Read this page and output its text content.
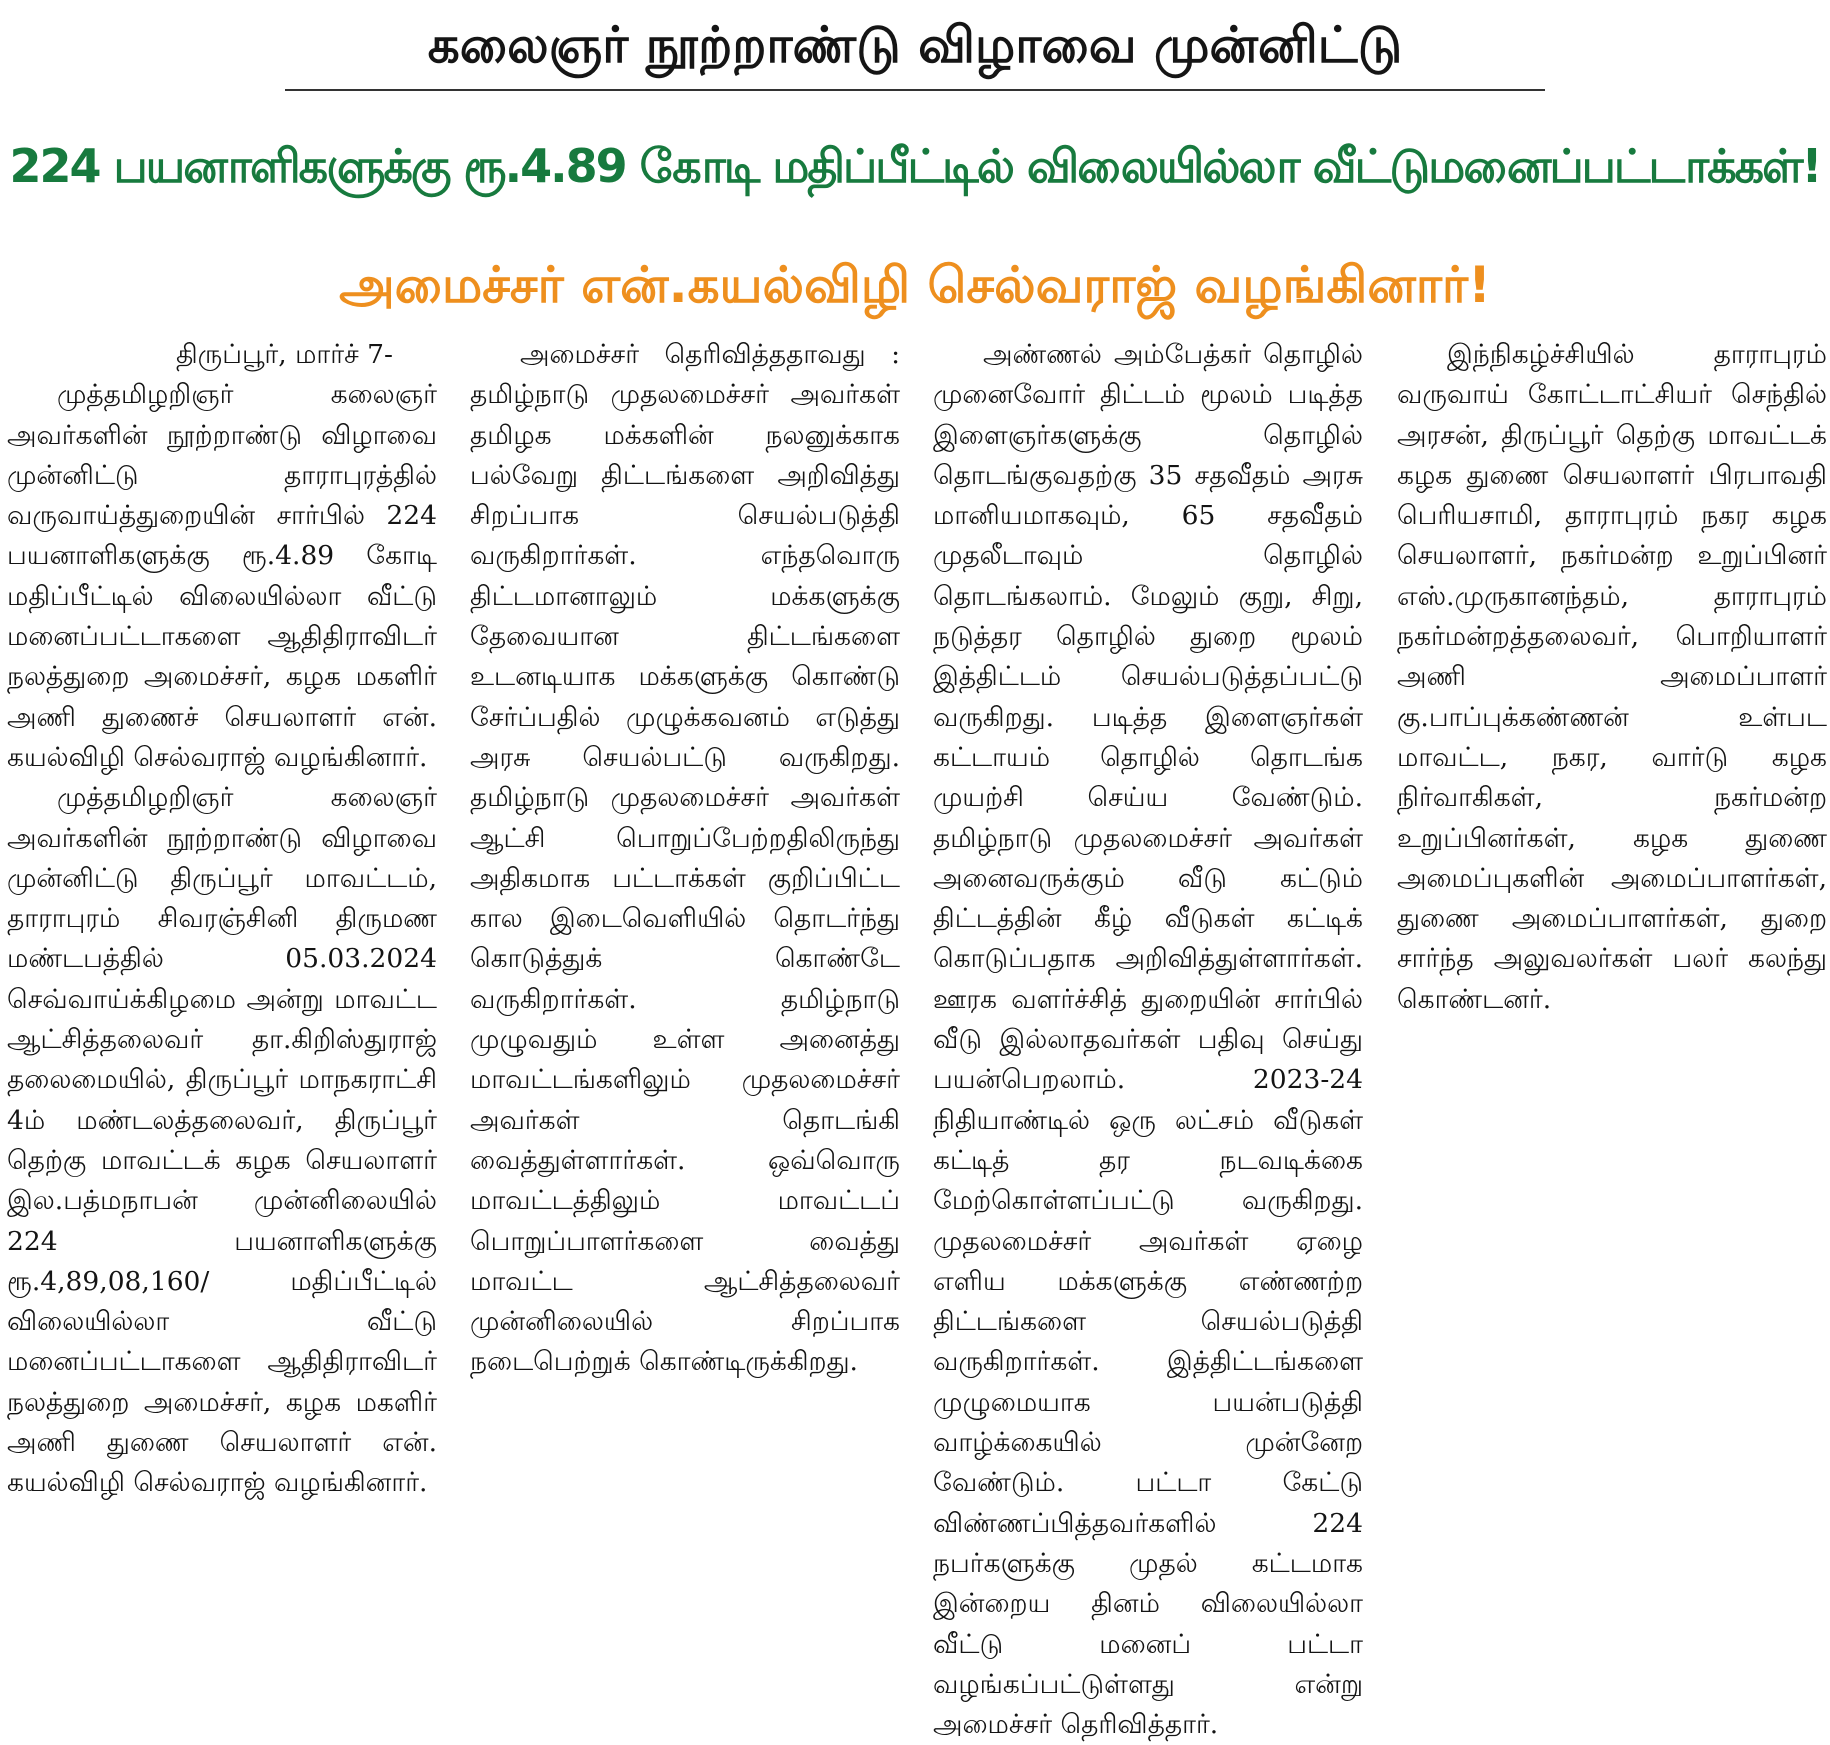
கலைஞர் நூற்றாண்டு விழாவை முன்னிட்டு
224 பயனாளிகளுக்கு ரூ.4.89 கோடி மதிப்பீட்டில் விலையில்லா வீட்டுமனைப்பட்டாக்கள்!
அமைச்சர் என்.கயல்விழி செல்வராஜ் வழங்கினார்!

திருப்பூர், மார்ச் 7-

முத்தமிழறிஞர் கலைஞர் அவர்களின் நூற்றாண்டு விழாவை முன்னிட்டு தாராபுரத்தில் வருவாய்த்துறையின் சார்பில் 224 பயனாளிகளுக்கு ரூ.4.89 கோடி மதிப்பீட்டில் விலையில்லா வீட்டு மனைப்பட்டாகளை ஆதிதிராவிடர் நலத்துறை அமைச்சர், கழக மகளிர் அணி துணைச் செயலாளர் என். கயல்விழி செல்வராஜ் வழங்கினார்.

முத்தமிழறிஞர் கலைஞர் அவர்களின் நூற்றாண்டு விழாவை முன்னிட்டு திருப்பூர் மாவட்டம், தாராபுரம் சிவரஞ்சினி திருமண மண்டபத்தில் 05.03.2024 செவ்வாய்க்கிழமை அன்று மாவட்ட ஆட்சித்தலைவர் தா.கிறிஸ்துராஜ் தலைமையில், திருப்பூர் மாநகராட்சி 4ம் மண்டலத்தலைவர், திருப்பூர் தெற்கு மாவட்டக் கழக செயலாளர் இல.பத்மநாபன் முன்னிலையில் 224 பயனாளிகளுக்கு ரூ.4,89,08,160/ மதிப்பீட்டில் விலையில்லா வீட்டு மனைப்பட்டாகளை ஆதிதிராவிடர் நலத்துறை அமைச்சர், கழக மகளிர் அணி துணை செயலாளர் என். கயல்விழி செல்வராஜ் வழங்கினார்.

அமைச்சர் தெரிவித்ததாவது : தமிழ்நாடு முதலமைச்சர் அவர்கள் தமிழக மக்களின் நலனுக்காக பல்வேறு திட்டங்களை அறிவித்து சிறப்பாக செயல்படுத்தி வருகிறார்கள். எந்தவொரு திட்டமானாலும் மக்களுக்கு தேவையான திட்டங்களை உடனடியாக மக்களுக்கு கொண்டு சேர்ப்பதில் முழுக்கவனம் எடுத்து அரசு செயல்பட்டு வருகிறது. தமிழ்நாடு முதலமைச்சர் அவர்கள் ஆட்சி பொறுப்பேற்றதிலிருந்து அதிகமாக பட்டாக்கள் குறிப்பிட்ட கால இடைவெளியில் தொடர்ந்து கொடுத்துக் கொண்டே வருகிறார்கள். தமிழ்நாடு முழுவதும் உள்ள அனைத்து மாவட்டங்களிலும் முதலமைச்சர் அவர்கள் தொடங்கி வைத்துள்ளார்கள். ஒவ்வொரு மாவட்டத்திலும் மாவட்டப் பொறுப்பாளர்களை வைத்து மாவட்ட ஆட்சித்தலைவர் முன்னிலையில் சிறப்பாக நடைபெற்றுக் கொண்டிருக்கிறது.

அண்ணல் அம்பேத்கர் தொழில் முனைவோர் திட்டம் மூலம் படித்த இளைஞர்களுக்கு தொழில் தொடங்குவதற்கு 35 சதவீதம் அரசு மானியமாகவும், 65 சதவீதம் முதலீடாவும் தொழில் தொடங்கலாம். மேலும் குறு, சிறு, நடுத்தர தொழில் துறை மூலம் இத்திட்டம் செயல்படுத்தப்பட்டு வருகிறது. படித்த இளைஞர்கள் கட்டாயம் தொழில் தொடங்க முயற்சி செய்ய வேண்டும். தமிழ்நாடு முதலமைச்சர் அவர்கள் அனைவருக்கும் வீடு கட்டும் திட்டத்தின் கீழ் வீடுகள் கட்டிக் கொடுப்பதாக அறிவித்துள்ளார்கள். ஊரக வளர்ச்சித் துறையின் சார்பில் வீடு இல்லாதவர்கள் பதிவு செய்து பயன்பெறலாம். 2023-24 நிதியாண்டில் ஒரு லட்சம் வீடுகள் கட்டித் தர நடவடிக்கை மேற்கொள்ளப்பட்டு வருகிறது. முதலமைச்சர் அவர்கள் ஏழை எளிய மக்களுக்கு எண்ணற்ற திட்டங்களை செயல்படுத்தி வருகிறார்கள். இத்திட்டங்களை முழுமையாக பயன்படுத்தி வாழ்க்கையில் முன்னேற வேண்டும். பட்டா கேட்டு விண்ணப்பித்தவர்களில் 224 நபர்களுக்கு முதல் கட்டமாக இன்றைய தினம் விலையில்லா வீட்டு மனைப் பட்டா வழங்கப்பட்டுள்ளது என்று அமைச்சர் தெரிவித்தார்.

இந்நிகழ்ச்சியில் தாராபுரம் வருவாய் கோட்டாட்சியர் செந்தில் அரசன், திருப்பூர் தெற்கு மாவட்டக் கழக துணை செயலாளர் பிரபாவதி பெரியசாமி, தாராபுரம் நகர கழக செயலாளர், நகர்மன்ற உறுப்பினர் எஸ்.முருகானந்தம், தாராபுரம் நகர்மன்றத்தலைவர், பொறியாளர் அணி அமைப்பாளர் கு.பாப்புக்கண்ணன் உள்பட மாவட்ட, நகர, வார்டு கழக நிர்வாகிகள், நகர்மன்ற உறுப்பினர்கள், கழக துணை அமைப்புகளின் அமைப்பாளர்கள், துணை அமைப்பாளர்கள், துறை சார்ந்த அலுவலர்கள் பலர் கலந்து கொண்டனர்.
